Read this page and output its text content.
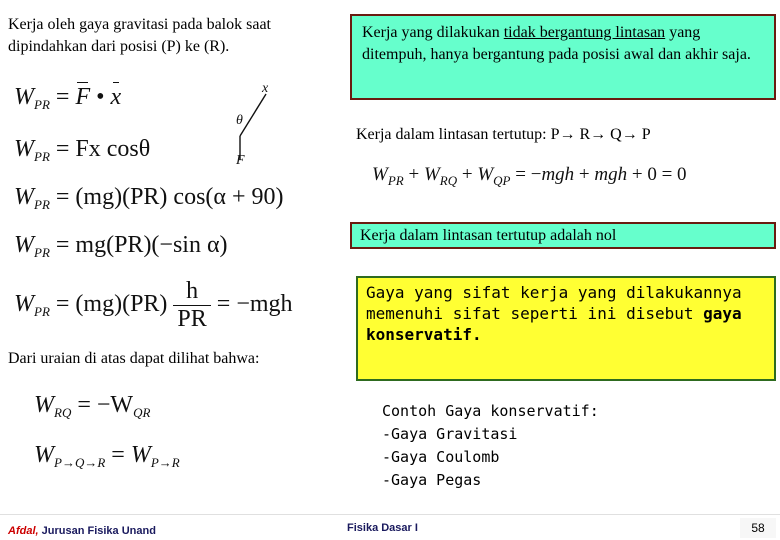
Kerja oleh gaya gravitasi pada balok saat dipindahkan dari posisi (P) ke (R).
$W_{PR} = F$ • x	x
θ
F
$W_{PR} = Fx$ cosθ
$W_{PR} = (mg)(PR) \cos(\alpha + 90)$
$W_{PR} = mg(PR)(-\sin$ α)
$W_{PR} = (mg)(PR) \frac{h}{PR} = -mgh$
Dari uraian di atas dapat dilihat bahwa:
$W_{RQ} = -W_{QR}$
$W_{P\to Q\to R} = W_{P\to R}$
Kerja yang dilakukan tidak bergantung lintasan yang ditempuh, hanya bergantung pada posisi awal dan akhir saja.
Kerja dalam lintasan tertutup: P→ R→ Q→ P
$W_{PR} + W_{RQ} + W_{QP} = -mgh$ + mgh + 0 = 0
Kerja dalam lintasan tertutup adalah nol
Gaya yang sifat kerja yang dilakukannya memenuhi sifat seperti ini disebut gaya konservatif.
Contoh Gaya konservatif:
-Gaya Gravitasi
-Gaya Coulomb
-Gaya Pegas
Afdal, Jurusan Fisika Unand	Fisika Dasar I	58
